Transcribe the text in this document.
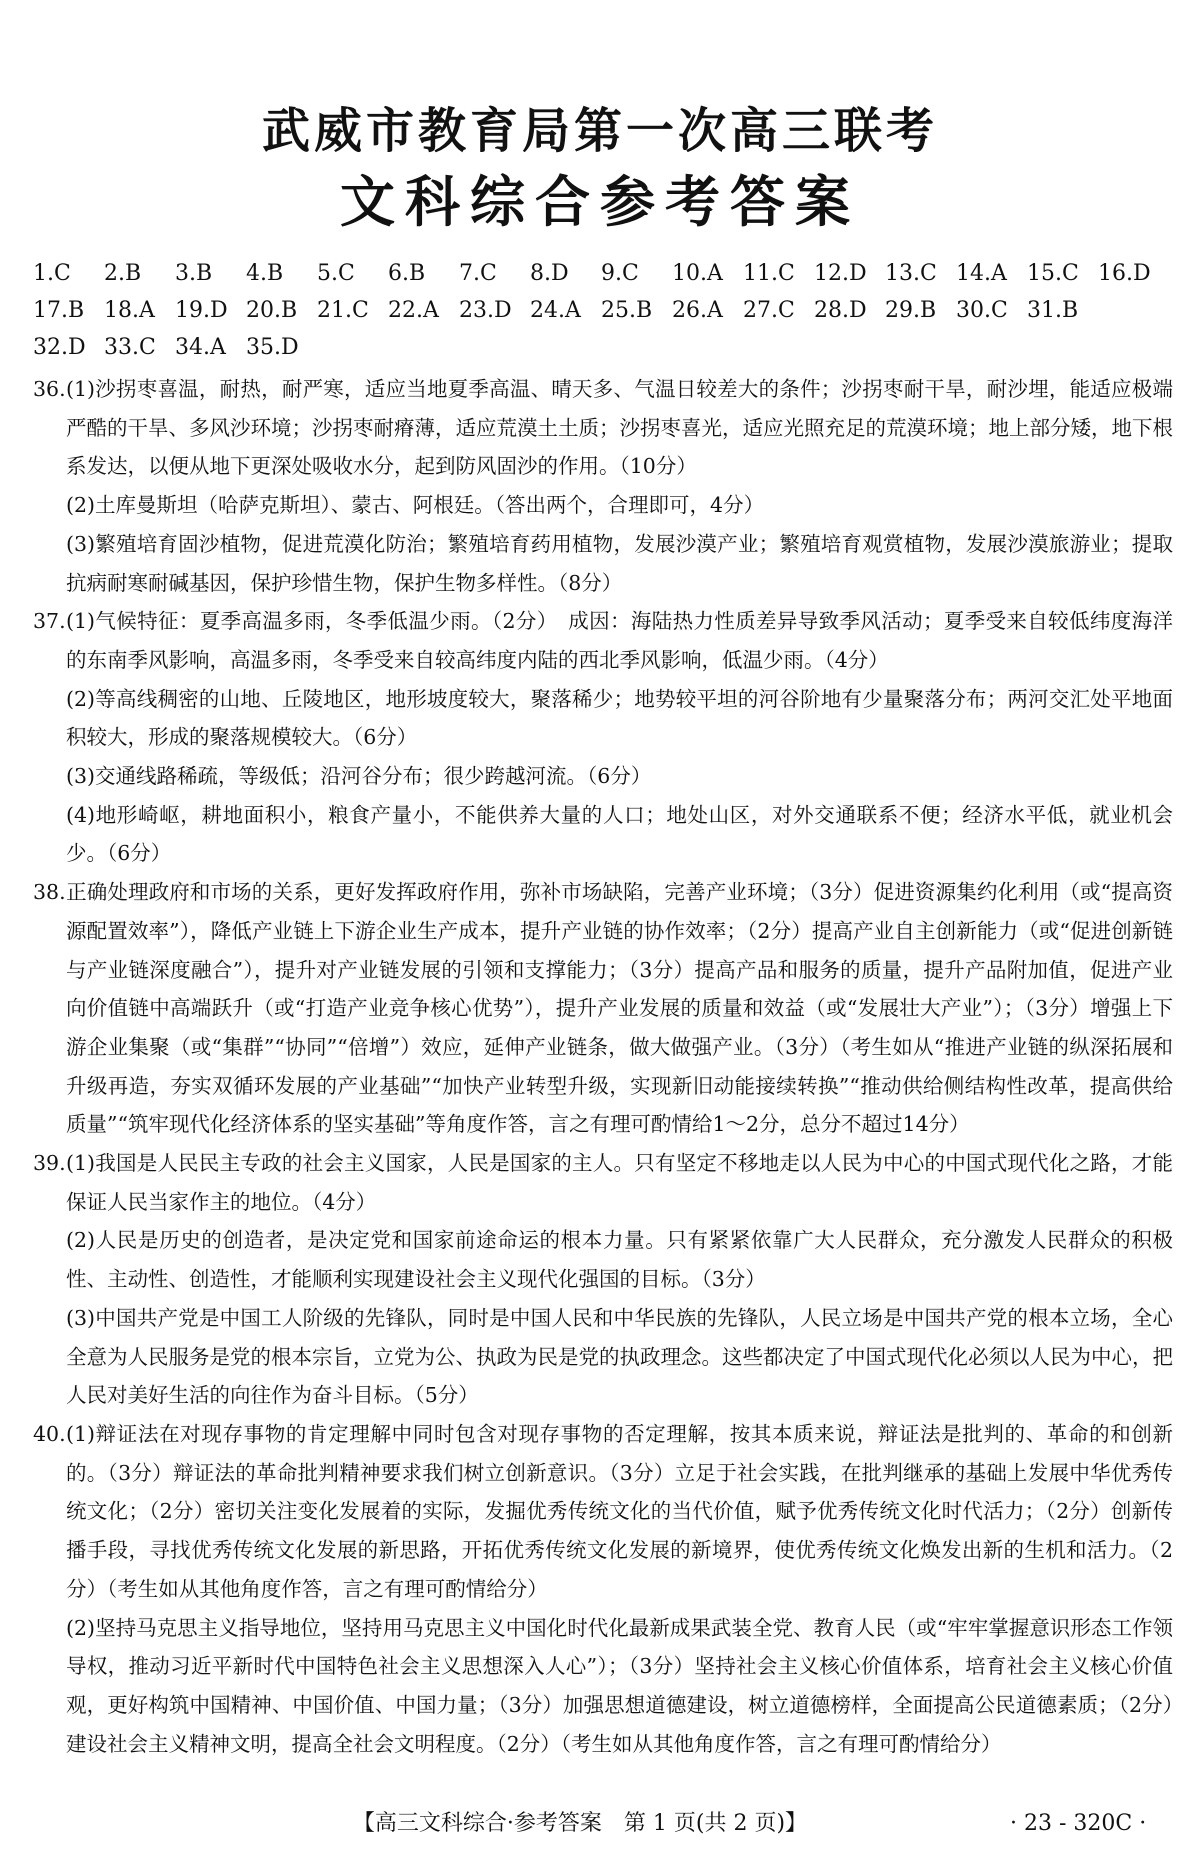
武威市教育局第一次高三联考
文科综合参考答案
1.C 2.B 3.B 4.B 5.C 6.B 7.C 8.D 9.C 10.A 11.C 12.D 13.C 14.A 15.C 16.D
17.B 18.A 19.D 20.B 21.C 22.A 23.D 24.A 25.B 26.A 27.C 28.D 29.B 30.C 31.B
32.D 33.C 34.A 35.D
36.(1)沙拐枣喜温，耐热，耐严寒，适应当地夏季高温、晴天多、气温日较差大的条件；沙拐枣耐干旱，耐沙埋，能适应极端严酷的干旱、多风沙环境；沙拐枣耐瘠薄，适应荒漠土土质；沙拐枣喜光，适应光照充足的荒漠环境；地上部分矮，地下根系发达，以便从地下更深处吸收水分，起到防风固沙的作用。（10分）
(2)土库曼斯坦（哈萨克斯坦）、蒙古、阿根廷。（答出两个，合理即可，4分）
(3)繁殖培育固沙植物，促进荒漠化防治；繁殖培育药用植物，发展沙漠产业；繁殖培育观赏植物，发展沙漠旅游业；提取抗病耐寒耐碱基因，保护珍惜生物，保护生物多样性。（8分）
37.(1)气候特征：夏季高温多雨，冬季低温少雨。（2分）　成因：海陆热力性质差异导致季风活动；夏季受来自较低纬度海洋的东南季风影响，高温多雨，冬季受来自较高纬度内陆的西北季风影响，低温少雨。（4分）
(2)等高线稠密的山地、丘陵地区，地形坡度较大，聚落稀少；地势较平坦的河谷阶地有少量聚落分布；两河交汇处平地面积较大，形成的聚落规模较大。（6分）
(3)交通线路稀疏，等级低；沿河谷分布；很少跨越河流。（6分）
(4)地形崎岖，耕地面积小，粮食产量小，不能供养大量的人口；地处山区，对外交通联系不便；经济水平低，就业机会少。（6分）
38.正确处理政府和市场的关系，更好发挥政府作用，弥补市场缺陷，完善产业环境；（3分）促进资源集约化利用（或“提高资源配置效率”），降低产业链上下游企业生产成本，提升产业链的协作效率；（2分）提高产业自主创新能力（或“促进创新链与产业链深度融合”），提升对产业链发展的引领和支撑能力；（3分）提高产品和服务的质量，提升产品附加值，促进产业向价值链中高端跃升（或“打造产业竞争核心优势”），提升产业发展的质量和效益（或“发展壮大产业”）；（3分）增强上下游企业集聚（或“集群”“协同”“倍增”）效应，延伸产业链条，做大做强产业。（3分）（考生如从“推进产业链的纵深拓展和升级再造，夯实双循环发展的产业基础”“加快产业转型升级，实现新旧动能接续转换”“推动供给侧结构性改革，提高供给质量”“筑牢现代化经济体系的坚实基础”等角度作答，言之有理可酌情给1～2分，总分不超过14分）
39.(1)我国是人民民主专政的社会主义国家，人民是国家的主人。只有坚定不移地走以人民为中心的中国式现代化之路，才能保证人民当家作主的地位。（4分）
(2)人民是历史的创造者，是决定党和国家前途命运的根本力量。只有紧紧依靠广大人民群众，充分激发人民群众的积极性、主动性、创造性，才能顺利实现建设社会主义现代化强国的目标。（3分）
(3)中国共产党是中国工人阶级的先锋队，同时是中国人民和中华民族的先锋队，人民立场是中国共产党的根本立场，全心全意为人民服务是党的根本宗旨，立党为公、执政为民是党的执政理念。这些都决定了中国式现代化必须以人民为中心，把人民对美好生活的向往作为奋斗目标。（5分）
40.(1)辩证法在对现存事物的肯定理解中同时包含对现存事物的否定理解，按其本质来说，辩证法是批判的、革命的和创新的。（3分）辩证法的革命批判精神要求我们树立创新意识。（3分）立足于社会实践，在批判继承的基础上发展中华优秀传统文化；（2分）密切关注变化发展着的实际，发掘优秀传统文化的当代价值，赋予优秀传统文化时代活力；（2分）创新传播手段，寻找优秀传统文化发展的新思路，开拓优秀传统文化发展的新境界，使优秀传统文化焕发出新的生机和活力。（2分）（考生如从其他角度作答，言之有理可酌情给分）
(2)坚持马克思主义指导地位，坚持用马克思主义中国化时代化最新成果武装全党、教育人民（或“牢牢掌握意识形态工作领导权，推动习近平新时代中国特色社会主义思想深入人心”）；（3分）坚持社会主义核心价值体系，培育社会主义核心价值观，更好构筑中国精神、中国价值、中国力量；（3分）加强思想道德建设，树立道德榜样，全面提高公民道德素质；（2分）建设社会主义精神文明，提高全社会文明程度。（2分）（考生如从其他角度作答，言之有理可酌情给分）
【高三文科综合·参考答案　第 1 页(共 2 页)】	· 23 - 320C ·
